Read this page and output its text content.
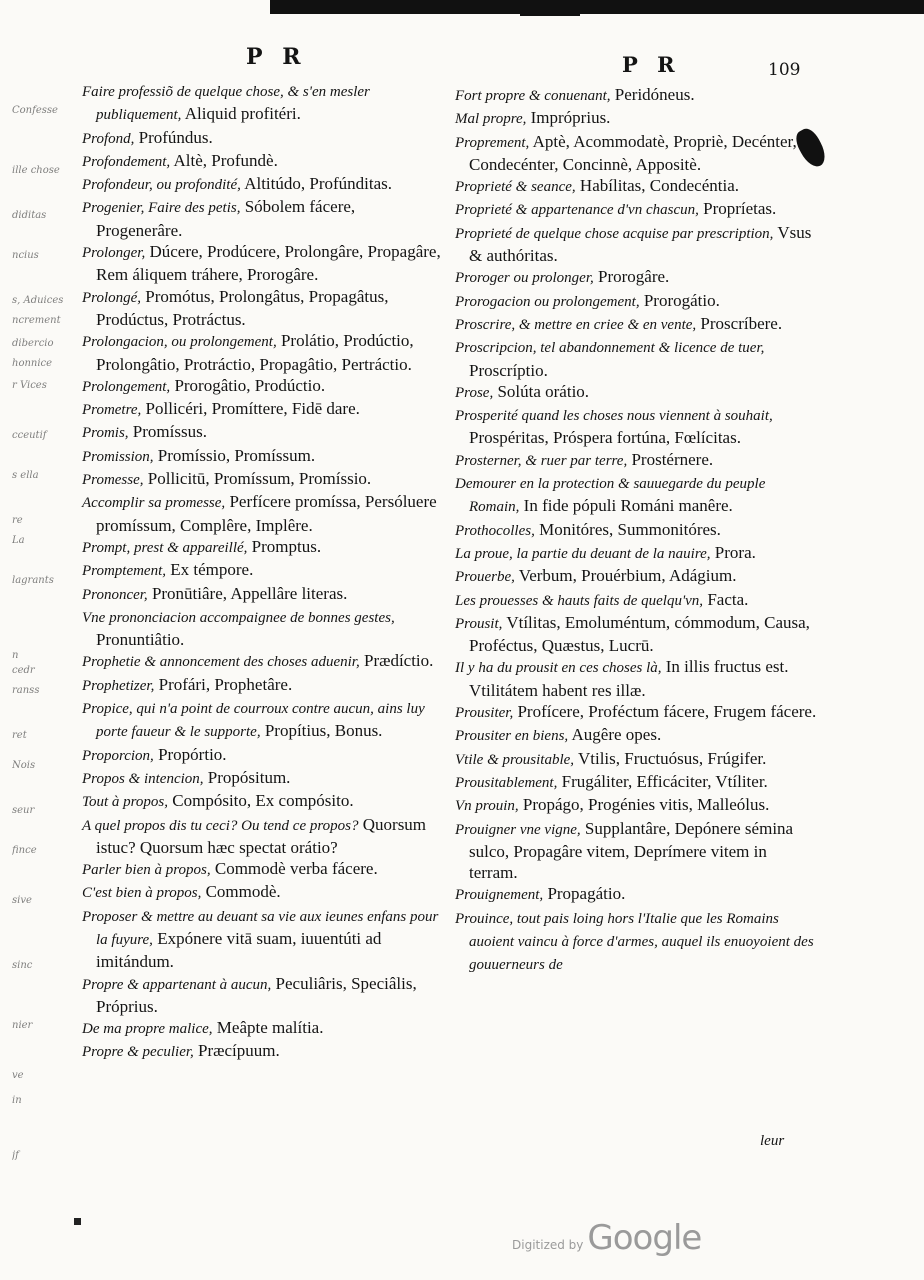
Confesse
ille chose
diditas
ncius
s, Aduices
ncrement
dibercio
honnice
r Vices
cceutif
s ella
re
La
lagrants
n
cedr
ranss
ret
Nois
seur
fince
sive
sinc
nier
ve
in
jf
P R	P R	109

Faire professiõ de quelque chose, & s'en mesler publiquement, Aliquid profitéri.

Profond, Profúndus.

Profondement, Altè, Profundè.

Profondeur, ou profondité, Altitúdo, Profúnditas.

Progenier, Faire des petis, Sóbolem fácere, Progenerâre.

Prolonger, Dúcere, Prodúcere, Prolongâre, Propagâre, Rem áliquem tráhere, Prorogâre.

Prolongé, Promótus, Prolongâtus, Propagâtus, Prodúctus, Protráctus.

Prolongacion, ou prolongement, Prolátio, Prodúctio, Prolongâtio, Protráctio, Propagâtio, Pertráctio.

Prolongement, Prorogâtio, Prodúctio.

Prometre, Pollicéri, Promíttere, Fidē dare.

Promis, Promíssus.

Promission, Promíssio, Promíssum.

Promesse, Pollicitū, Promíssum, Promíssio.

Accomplir sa promesse, Perfícere promíssa, Persóluere promíssum, Complêre, Implêre.

Prompt, prest & appareillé, Promptus.

Promptement, Ex témpore.

Prononcer, Pronūtiâre, Appellâre literas.

Vne prononciacion accompaignee de bonnes gestes, Pronuntiâtio.

Prophetie & annoncement des choses aduenir, Prædíctio.

Prophetizer, Profári, Prophetâre.

Propice, qui n'a point de courroux contre aucun, ains luy porte faueur & le supporte, Propítius, Bonus.

Proporcion, Propórtio.

Propos & intencion, Propósitum.

Tout à propos, Compósito, Ex compósito.

A quel propos dis tu ceci? Ou tend ce propos? Quorsum istuc? Quorsum hæc spectat orátio?

Parler bien à propos, Commodè verba fácere.

C'est bien à propos, Commodè.

Proposer & mettre au deuant sa vie aux ieunes enfans pour la fuyure, Expónere vitā suam, iuuentúti ad imitándum.

Propre & appartenant à aucun, Peculiâris, Speciâlis, Próprius.

De ma propre malice, Meâpte malítia.

Propre & peculier, Præcípuum.

Fort propre & conuenant, Peridóneus.

Mal propre, Impróprius.

Proprement, Aptè, Acommodatè, Propriè, Decénter, Condecénter, Concinnè, Appositè.

Proprieté & seance, Habílitas, Condecéntia.

Proprieté & appartenance d'vn chascun, Propríetas.

Proprieté de quelque chose acquise par prescription, Vsus & authóritas.

Proroger ou prolonger, Prorogâre.

Prorogacion ou prolongement, Prorogátio.

Proscrire, & mettre en criee & en vente, Proscríbere.

Proscripcion, tel abandonnement & licence de tuer, Proscríptio.

Prose, Solúta orátio.

Prosperité quand les choses nous viennent à souhait, Prospéritas, Próspera fortúna, Fœlícitas.

Prosterner, & ruer par terre, Prostérnere.

Demourer en la protection & sauuegarde du peuple Romain, In fide pópuli Románi manêre.

Prothocolles, Monitóres, Summonitóres.

La proue, la partie du deuant de la nauire, Prora.

Prouerbe, Verbum, Prouérbium, Adágium.

Les prouesses & hauts faits de quelqu'vn, Facta.

Prousit, Vtílitas, Emoluméntum, cómmodum, Causa, Proféctus, Quæstus, Lucrū.

Il y ha du prousit en ces choses là, In illis fructus est. Vtilitátem habent res illæ.

Prousiter, Profícere, Proféctum fácere, Frugem fácere.

Prousiter en biens, Augêre opes.

Vtile & prousitable, Vtilis, Fructuósus, Frúgifer.

Prousitablement, Frugáliter, Efficáciter, Vtíliter.

Vn prouin, Propágo, Progénies vitis, Malleólus.

Prouigner vne vigne, Supplantâre, Depónere sémina sulco, Propagâre vitem, Deprímere vitem in terram.

Prouignement, Propagátio.

Prouince, tout pais loing hors l'Italie que les Romains auoient vaincu à force d'armes, auquel ils enuoyoient des gouuerneurs de

leur
Digitized by Google
